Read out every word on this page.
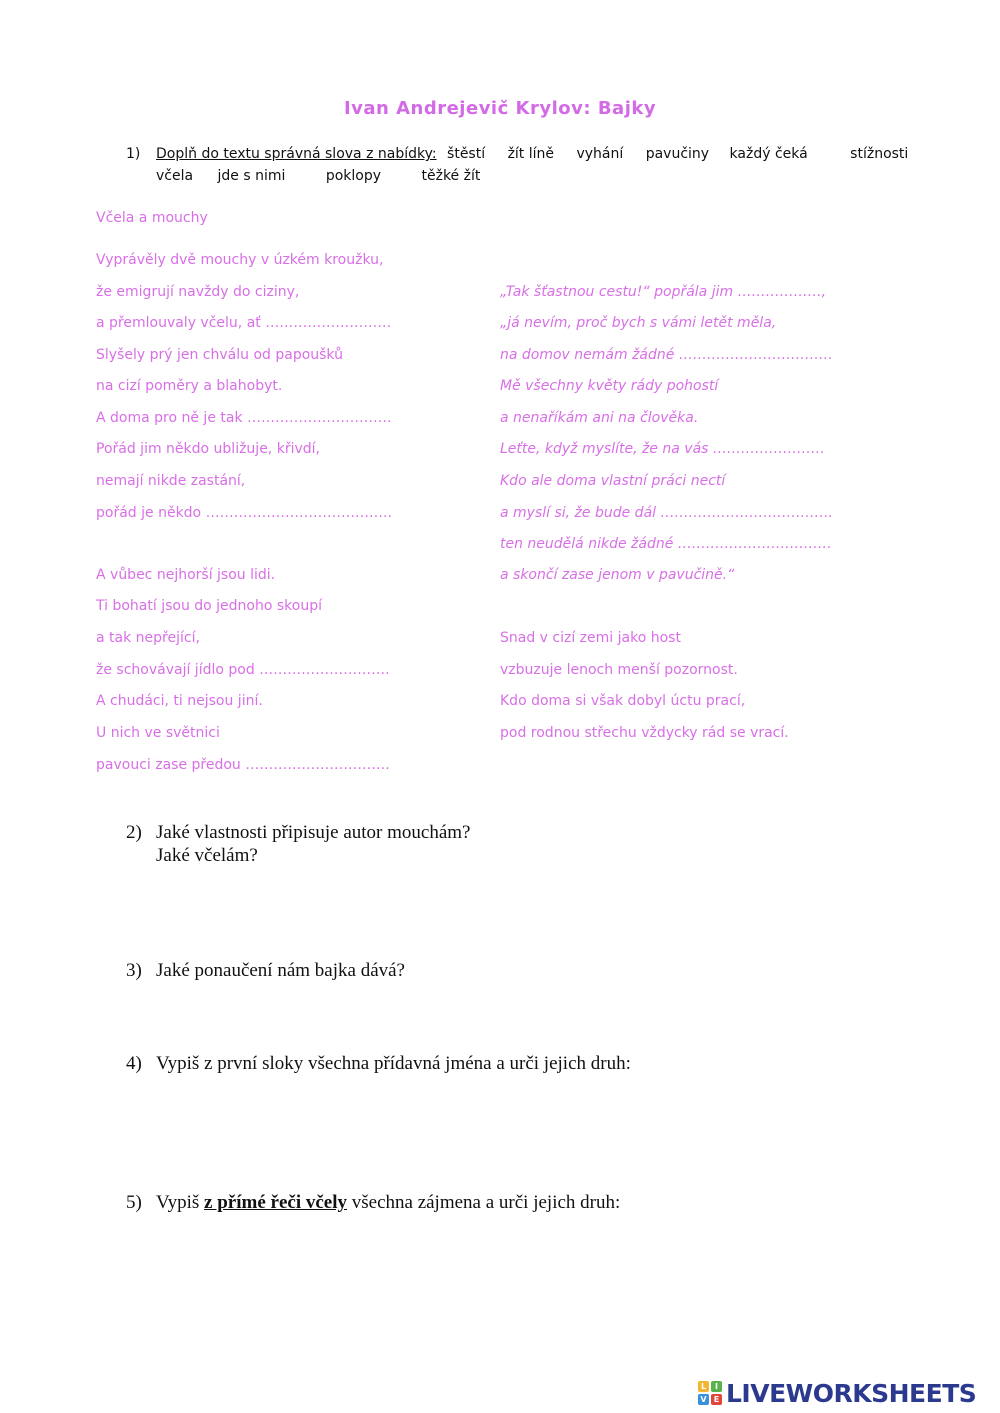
Ivan Andrejevič Krylov: Bajky
1) Doplň do textu správná slova z nabídky: štěstí žít líně vyhání pavučiny každý čeká	stížnosti
včela jde s nimi	poklopy	těžké žít
Včela a mouchy
Vyprávěly dvě mouchy v úzkém kroužku,
že emigrují navždy do ciziny,
a přemlouvaly včelu, ať ………………………
Slyšely prý jen chválu od papoušků
na cizí poměry a blahobyt.
A doma pro ně je tak ………………………….
Pořád jim někdo ubližuje, křivdí,
nemají nikde zastání,
pořád je někdo ………………………………….
A vůbec nejhorší jsou lidi.
Ti bohatí jsou do jednoho skoupí
a tak nepřející,
že schovávají jídlo pod ……………………….
A chudáci, ti nejsou jiní.
U nich ve světnici
pavouci zase předou ………………………….
„Tak šťastnou cestu!“ popřála jim ………………,
„já nevím, proč bych s vámi letět měla,
na domov nemám žádné ……………………………
Mě všechny květy rády pohostí
a nenaříkám ani na člověka.
Leťte, když myslíte, že na vás ……………………
Kdo ale doma vlastní práci nectí
a myslí si, že bude dál ……………………………….
ten neudělá nikde žádné ……………………………
a skončí zase jenom v pavučině.“
Snad v cizí zemi jako host
vzbuzuje lenoch menší pozornost.
Kdo doma si však dobyl úctu prací,
pod rodnou střechu vždycky rád se vrací.
2) Jaké vlastnosti připisuje autor mouchám?
Jaké včelám?
3) Jaké ponaučení nám bajka dává?
4) Vypiš z první sloky všechna přídavná jména a urči jejich druh:
5) Vypiš z přímé řeči včely všechna zájmena a urči jejich druh:
L	I
V E LIVEWORKSHEETS
